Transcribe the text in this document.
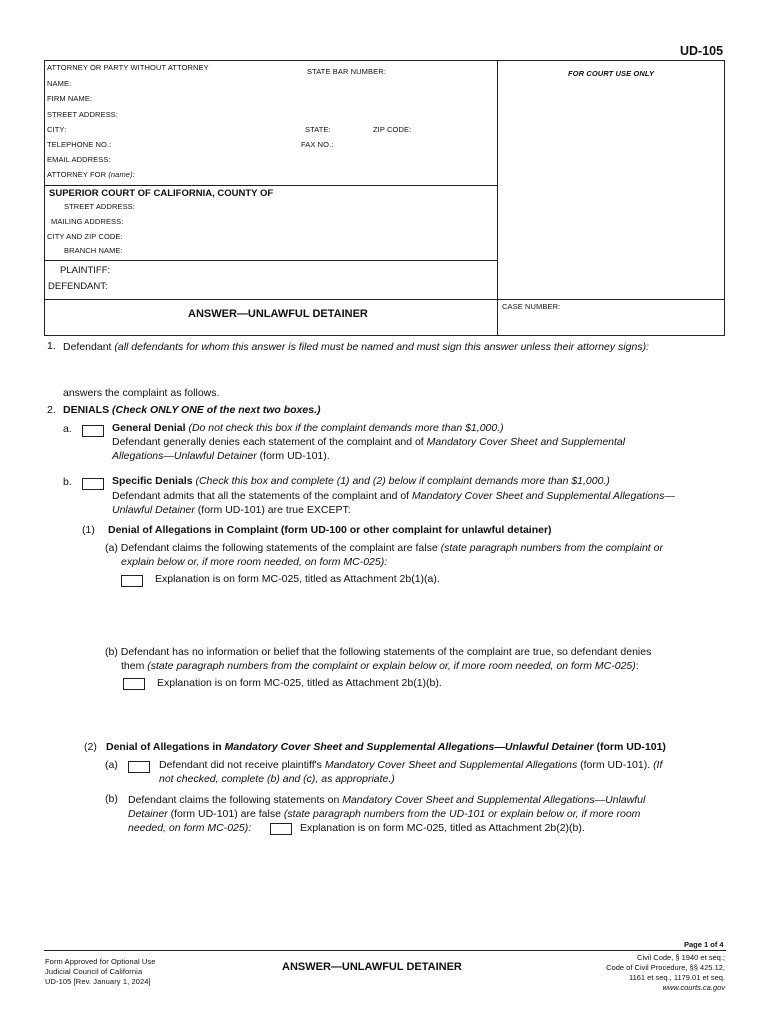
UD-105
ATTORNEY OR PARTY WITHOUT ATTORNEY	STATE BAR NUMBER:	FOR COURT USE ONLY
NAME:
FIRM NAME:
STREET ADDRESS:
CITY:	STATE:	ZIP CODE:
TELEPHONE NO.:	FAX NO.:
EMAIL ADDRESS:
ATTORNEY FOR (name):
SUPERIOR COURT OF CALIFORNIA, COUNTY OF
STREET ADDRESS:
MAILING ADDRESS:
CITY AND ZIP CODE:
BRANCH NAME:
PLAINTIFF:
DEFENDANT:
ANSWER—UNLAWFUL DETAINER
CASE NUMBER:
1. Defendant (all defendants for whom this answer is filed must be named and must sign this answer unless their attorney signs):
answers the complaint as follows.
2. DENIALS (Check ONLY ONE of the next two boxes.)
a.	General Denial (Do not check this box if the complaint demands more than $1,000.)
Defendant generally denies each statement of the complaint and of Mandatory Cover Sheet and Supplemental
Allegations—Unlawful Detainer (form UD-101).
b.	Specific Denials (Check this box and complete (1) and (2) below if complaint demands more than $1,000.)
Defendant admits that all the statements of the complaint and of Mandatory Cover Sheet and Supplemental Allegations—
Unlawful Detainer (form UD-101) are true EXCEPT:
(1) Denial of Allegations in Complaint (form UD-100 or other complaint for unlawful detainer)
(a) Defendant claims the following statements of the complaint are false (state paragraph numbers from the complaint or
explain below or, if more room needed, on form MC-025):
Explanation is on form MC-025, titled as Attachment 2b(1)(a).
(b) Defendant has no information or belief that the following statements of the complaint are true, so defendant denies
them (state paragraph numbers from the complaint or explain below or, if more room needed, on form MC-025):
Explanation is on form MC-025, titled as Attachment 2b(1)(b).
(2) Denial of Allegations in Mandatory Cover Sheet and Supplemental Allegations—Unlawful Detainer (form UD-101)
(a)	Defendant did not receive plaintiff's Mandatory Cover Sheet and Supplemental Allegations (form UD-101). (If
not checked, complete (b) and (c), as appropriate.)
(b) Defendant claims the following statements on Mandatory Cover Sheet and Supplemental Allegations—Unlawful
Detainer (form UD-101) are false (state paragraph numbers from the UD-101 or explain below or, if more room
needed, on form MC-025):	Explanation is on form MC-025, titled as Attachment 2b(2)(b).
Page 1 of 4
Form Approved for Optional Use
Judicial Council of California
UD-105 [Rev. January 1, 2024]
ANSWER—UNLAWFUL DETAINER
Civil Code, § 1940 et seq.;
Code of Civil Procedure, §§ 425.12,
1161 et seq., 1179.01 et seq.
www.courts.ca.gov
